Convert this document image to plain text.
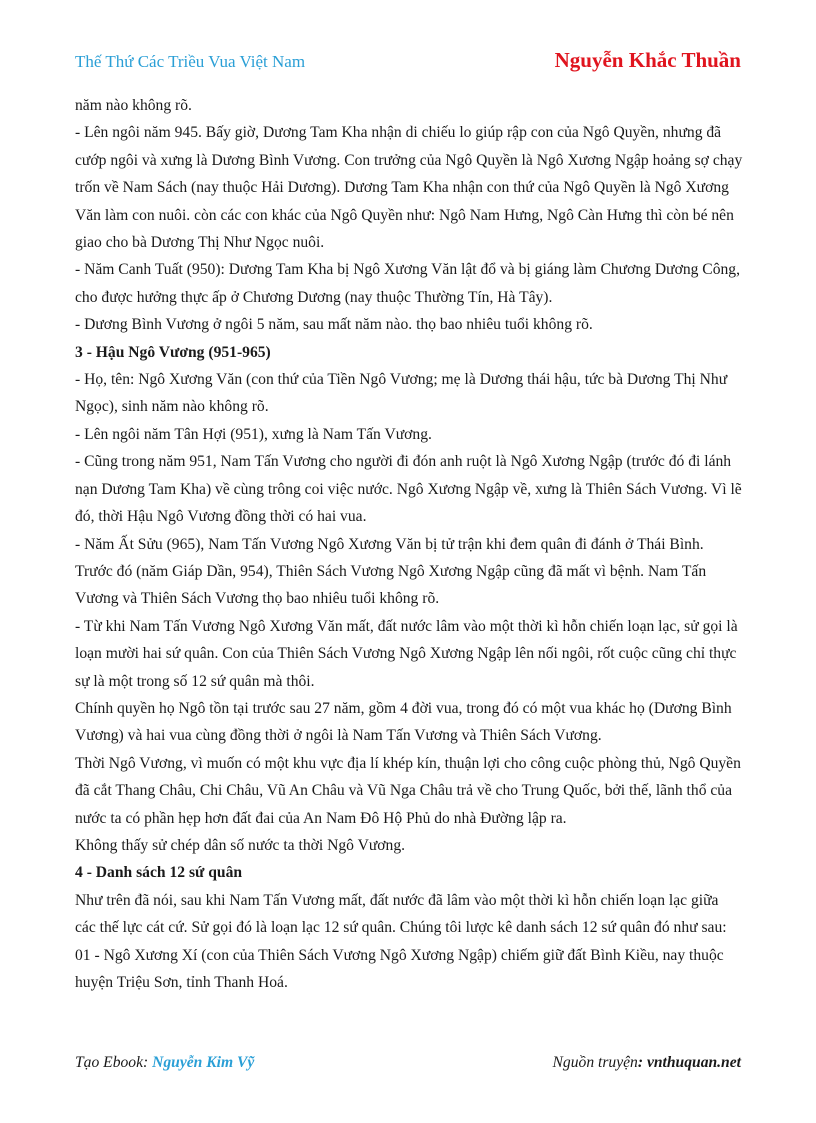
Thế Thứ Các Triều Vua Việt Nam	Nguyễn Khắc Thuần

năm nào không rõ.

- Lên ngôi năm 945. Bấy giờ, Dương Tam Kha nhận di chiếu lo giúp rập con của Ngô Quyền, nhưng đã cướp ngôi và xưng là Dương Bình Vương. Con trưởng của Ngô Quyền là Ngô Xương Ngập hoảng sợ chạy trốn về Nam Sách (nay thuộc Hải Dương). Dương Tam Kha nhận con thứ của Ngô Quyền là Ngô Xương Văn làm con nuôi. còn các con khác của Ngô Quyền như: Ngô Nam Hưng, Ngô Càn Hưng thì còn bé nên giao cho bà Dương Thị Như Ngọc nuôi.

- Năm Canh Tuất (950): Dương Tam Kha bị Ngô Xương Văn lật đổ và bị giáng làm Chương Dương Công, cho được hưởng thực ấp ở Chương Dương (nay thuộc Thường Tín, Hà Tây).

- Dương Bình Vương ở ngôi 5 năm, sau mất năm nào. thọ bao nhiêu tuổi không rõ.

3 - Hậu Ngô Vương (951-965)

- Họ, tên: Ngô Xương Văn (con thứ của Tiền Ngô Vương; mẹ là Dương thái hậu, tức bà Dương Thị Như Ngọc), sinh năm nào không rõ.

- Lên ngôi năm Tân Hợi (951), xưng là Nam Tấn Vương.

- Cũng trong năm 951, Nam Tấn Vương cho người đi đón anh ruột là Ngô Xương Ngập (trước đó đi lánh nạn Dương Tam Kha) về cùng trông coi việc nước. Ngô Xương Ngập về, xưng là Thiên Sách Vương. Vì lẽ đó, thời Hậu Ngô Vương đồng thời có hai vua.

- Năm Ất Sửu (965), Nam Tấn Vương Ngô Xương Văn bị tử trận khi đem quân đi đánh ở Thái Bình. Trước đó (năm Giáp Dần, 954), Thiên Sách Vương Ngô Xương Ngập cũng đã mất vì bệnh. Nam Tấn Vương và Thiên Sách Vương thọ bao nhiêu tuổi không rõ.

- Từ khi Nam Tấn Vương Ngô Xương Văn mất, đất nước lâm vào một thời kì hỗn chiến loạn lạc, sử gọi là loạn mười hai sứ quân. Con của Thiên Sách Vương Ngô Xương Ngập lên nối ngôi, rốt cuộc cũng chỉ thực sự là một trong số 12 sứ quân mà thôi.

Chính quyền họ Ngô tồn tại trước sau 27 năm, gồm 4 đời vua, trong đó có một vua khác họ (Dương Bình Vương) và hai vua cùng đồng thời ở ngôi là Nam Tấn Vương và Thiên Sách Vương.

Thời Ngô Vương, vì muốn có một khu vực địa lí khép kín, thuận lợi cho công cuộc phòng thủ, Ngô Quyền đã cắt Thang Châu, Chi Châu, Vũ An Châu và Vũ Nga Châu trả về cho Trung Quốc, bởi thế, lãnh thổ của nước ta có phần hẹp hơn đất đai của An Nam Đô Hộ Phủ do nhà Đường lập ra.

Không thấy sử chép dân số nước ta thời Ngô Vương.

4 - Danh sách 12 sứ quân

Như trên đã nói, sau khi Nam Tấn Vương mất, đất nước đã lâm vào một thời kì hỗn chiến loạn lạc giữa các thế lực cát cứ. Sử gọi đó là loạn lạc 12 sứ quân. Chúng tôi lược kê danh sách 12 sứ quân đó như sau:

01 - Ngô Xương Xí (con của Thiên Sách Vương Ngô Xương Ngập) chiếm giữ đất Bình Kiều, nay thuộc huyện Triệu Sơn, tỉnh Thanh Hoá.

Tạo Ebook: Nguyễn Kim Vỹ	Nguồn truyện: vnthuquan.net
